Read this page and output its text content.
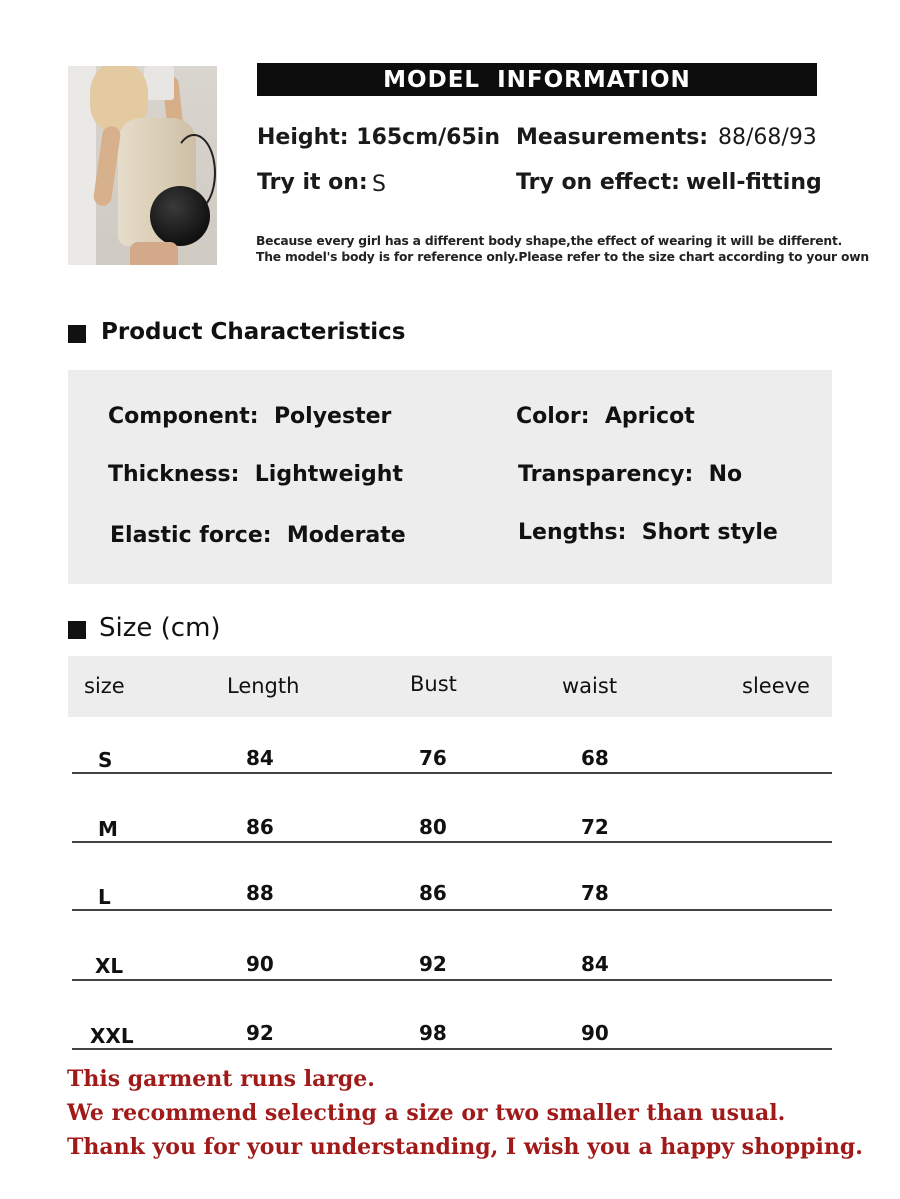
MODEL INFORMATION
Height: 165cm/65in Measurements: 88/68/93
Try it on: S	Try on effect: well-fitting
Because every girl has a different body shape,the effect of wearing it will be different.
The model's body is for reference only.Please refer to the size chart according to your own
Product Characteristics
Component: Polyester	Color: Apricot
Thickness: Lightweight	Transparency: No
Elastic force: Moderate	Lengths: Short style
Size (cm)
size	Length	Bust	waist	sleeve
S	84	76	68
M	86	80	72
L	88	86	78
XL	90	92	84
XXL	92	98	90
This garment runs large.
We recommend selecting a size or two smaller than usual.
Thank you for your understanding, I wish you a happy shopping.
